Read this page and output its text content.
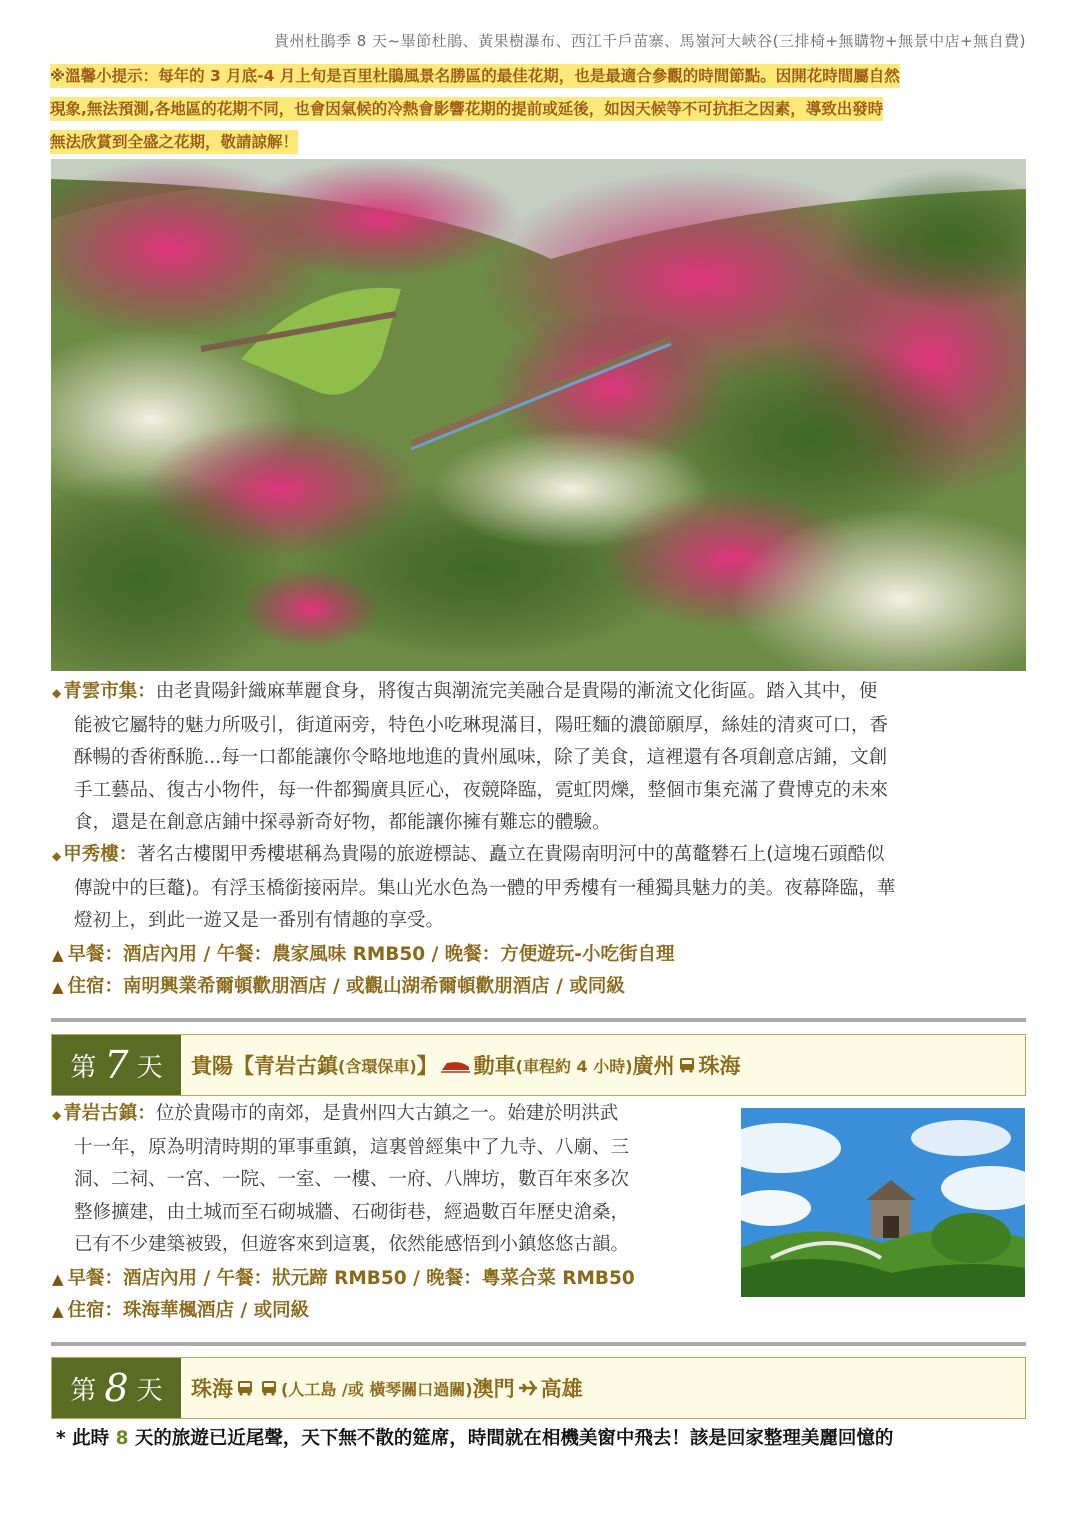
貴州杜鵑季 8 天~畢節杜鵑、黃果樹瀑布、西江千戶苗寨、馬嶺河大峽谷(三排椅+無購物+無景中店+無自費)
※溫馨小提示：每年的 3 月底-4 月上旬是百里杜鵑風景名勝區的最佳花期，也是最適合參觀的時間節點。因開花時間屬自然
現象,無法預測,各地區的花期不同，也會因氣候的冷熱會影響花期的提前或延後，如因天候等不可抗拒之因素，導致出發時
無法欣賞到全盛之花期，敬請諒解！
◆ 青雲市集：由老貴陽針織麻華麗食身，將復古與潮流完美融合是貴陽的漸流文化街區。踏入其中，便
能被它屬特的魅力所吸引，街道兩旁，特色小吃琳現滿目，陽旺麵的濃節願厚，絲娃的清爽可口，香
酥暢的香術酥脆...每一口都能讓你令略地地進的貴州風味，除了美食，這裡還有各項創意店鋪，文創
手工藝品、復古小物件，每一件都獨廣具匠心，夜競降臨，霓虹閃爍，整個市集充滿了費博克的未來
食，還是在創意店鋪中探尋新奇好物，都能讓你擁有難忘的體驗。
◆ 甲秀樓：著名古樓閣甲秀樓堪稱為貴陽的旅遊標誌、矗立在貴陽南明河中的萬鼇礬石上(這塊石頭酷似
傳說中的巨鼇)。有浮玉橋銜接兩岸。集山光水色為一體的甲秀樓有一種獨具魅力的美。夜幕降臨，華
燈初上，到此一遊又是一番別有情趣的享受。
▲ 早餐：酒店內用 / 午餐：農家風味 RMB50 / 晚餐：方便遊玩-小吃街自理
▲ 住宿：南明興業希爾頓歡朋酒店 / 或觀山湖希爾頓歡朋酒店 / 或同級
第 7 天 貴陽【青岩古鎮 (含環保車) 】 動車 (車程約 4 小時) 廣州 珠海
◆ 青岩古鎮：位於貴陽市的南郊，是貴州四大古鎮之一。始建於明洪武
十一年，原為明清時期的軍事重鎮，這裏曾經集中了九寺、八廟、三
洞、二祠、一宮、一院、一室、一樓、一府、八牌坊，數百年來多次
整修擴建，由土城而至石砌城牆、石砌街巷，經過數百年歷史滄桑，
已有不少建築被毀，但遊客來到這裏，依然能感悟到小鎮悠悠古韻。
▲ 早餐：酒店內用 / 午餐：狀元蹄 RMB50 / 晚餐：粵菜合菜 RMB50
▲ 住宿：珠海華楓酒店 / 或同級
第 8 天 珠海	(人工島 /或 橫琴關口過關) 澳門 高雄
* 此時 8 天的旅遊已近尾聲，天下無不散的筵席，時間就在相機美窗中飛去！該是回家整理美麗回憶的
